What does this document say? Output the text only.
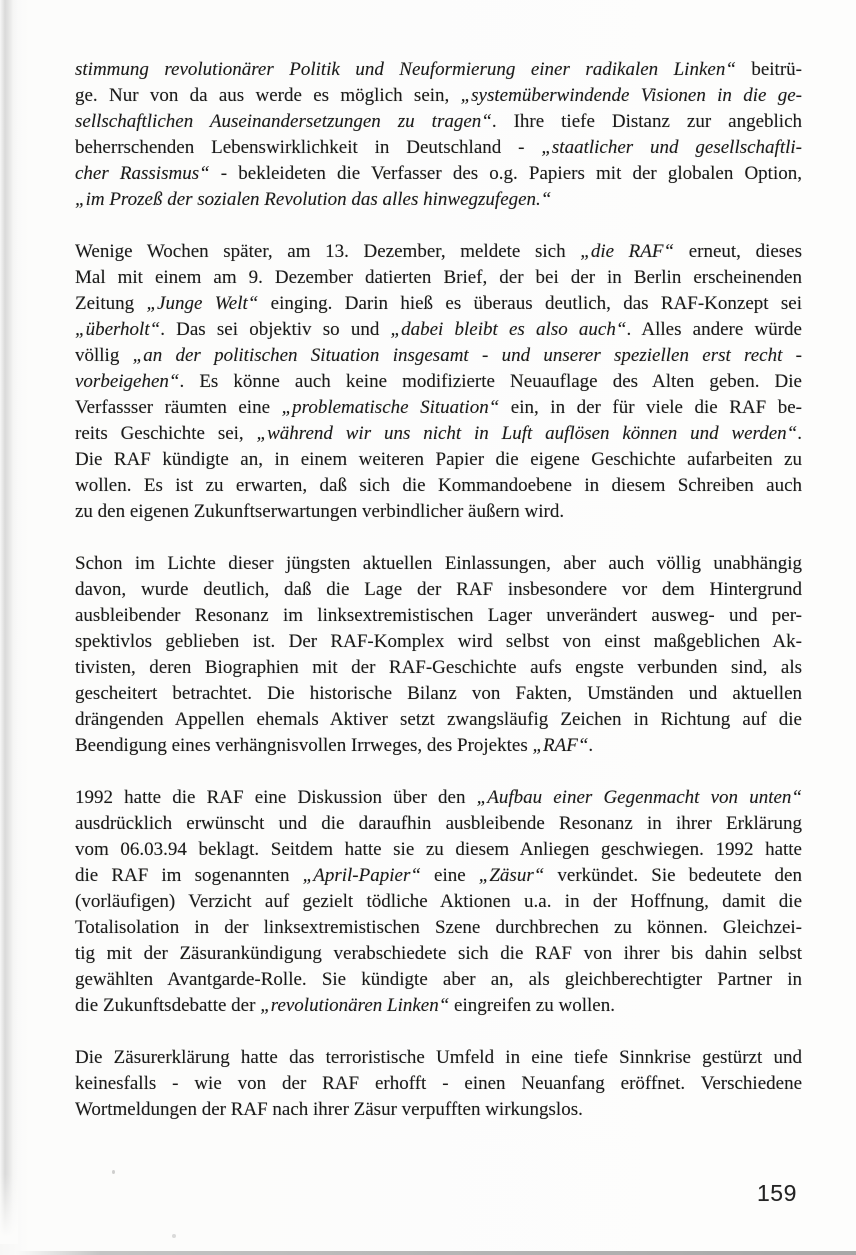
stimmung revolutionärer Politik und Neuformierung einer radikalen Linken“ beitrü-
ge. Nur von da aus werde es möglich sein, „systemüberwindende Visionen in die ge-
sellschaftlichen Auseinandersetzungen zu tragen“. Ihre tiefe Distanz zur angeblich
beherrschenden Lebenswirklichkeit in Deutschland - „staatlicher und gesellschaftli-
cher Rassismus“ - bekleideten die Verfasser des o.g. Papiers mit der globalen Option,
„im Prozeß der sozialen Revolution das alles hinwegzufegen.“
Wenige Wochen später, am 13. Dezember, meldete sich „die RAF“ erneut, dieses
Mal mit einem am 9. Dezember datierten Brief, der bei der in Berlin erscheinenden
Zeitung „Junge Welt“ einging. Darin hieß es überaus deutlich, das RAF-Konzept sei
„überholt“. Das sei objektiv so und „dabei bleibt es also auch“. Alles andere würde
völlig „an der politischen Situation insgesamt - und unserer speziellen erst recht -
vorbeigehen“. Es könne auch keine modifizierte Neuauflage des Alten geben. Die
Verfassser räumten eine „problematische Situation“ ein, in der für viele die RAF be-
reits Geschichte sei, „während wir uns nicht in Luft auflösen können und werden“.
Die RAF kündigte an, in einem weiteren Papier die eigene Geschichte aufarbeiten zu
wollen. Es ist zu erwarten, daß sich die Kommandoebene in diesem Schreiben auch
zu den eigenen Zukunftserwartungen verbindlicher äußern wird.
Schon im Lichte dieser jüngsten aktuellen Einlassungen, aber auch völlig unabhängig
davon, wurde deutlich, daß die Lage der RAF insbesondere vor dem Hintergrund
ausbleibender Resonanz im linksextremistischen Lager unverändert ausweg- und per-
spektivlos geblieben ist. Der RAF-Komplex wird selbst von einst maßgeblichen Ak-
tivisten, deren Biographien mit der RAF-Geschichte aufs engste verbunden sind, als
gescheitert betrachtet. Die historische Bilanz von Fakten, Umständen und aktuellen
drängenden Appellen ehemals Aktiver setzt zwangsläufig Zeichen in Richtung auf die
Beendigung eines verhängnisvollen Irrweges, des Projektes „RAF“.
1992 hatte die RAF eine Diskussion über den „Aufbau einer Gegenmacht von unten“
ausdrücklich erwünscht und die daraufhin ausbleibende Resonanz in ihrer Erklärung
vom 06.03.94 beklagt. Seitdem hatte sie zu diesem Anliegen geschwiegen. 1992 hatte
die RAF im sogenannten „April-Papier“ eine „Zäsur“ verkündet. Sie bedeutete den
(vorläufigen) Verzicht auf gezielt tödliche Aktionen u.a. in der Hoffnung, damit die
Totalisolation in der linksextremistischen Szene durchbrechen zu können. Gleichzei-
tig mit der Zäsurankündigung verabschiedete sich die RAF von ihrer bis dahin selbst
gewählten Avantgarde-Rolle. Sie kündigte aber an, als gleichberechtigter Partner in
die Zukunftsdebatte der „revolutionären Linken“ eingreifen zu wollen.
Die Zäsurerklärung hatte das terroristische Umfeld in eine tiefe Sinnkrise gestürzt und
keinesfalls - wie von der RAF erhofft - einen Neuanfang eröffnet. Verschiedene
Wortmeldungen der RAF nach ihrer Zäsur verpufften wirkungslos.
159
